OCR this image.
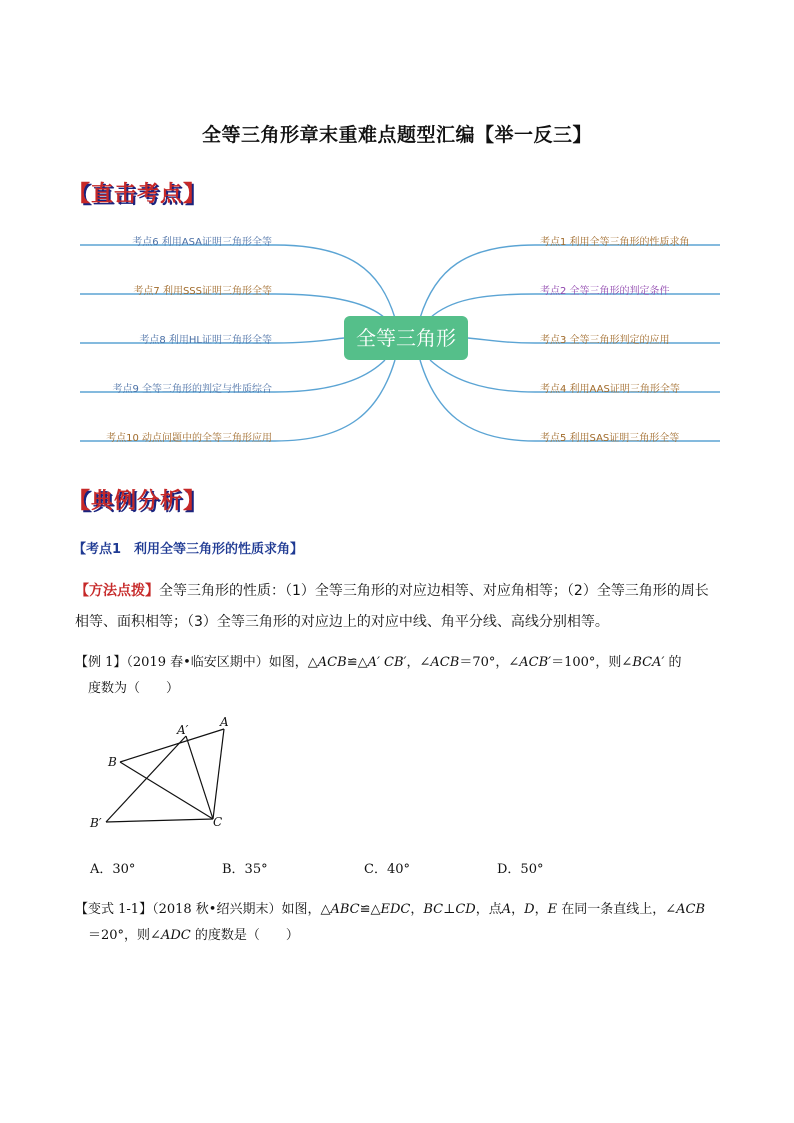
全等三角形章末重难点题型汇编【举一反三】
【直击考点】
考点6 利用ASA证明三角形全等
考点7 利用SSS证明三角形全等
考点8 利用HL证明三角形全等
考点9 全等三角形的判定与性质综合
考点10 动点问题中的全等三角形应用
考点1 利用全等三角形的性质求角
考点2 全等三角形的判定条件
考点3 全等三角形判定的应用
考点4 利用AAS证明三角形全等
考点5 利用SAS证明三角形全等
全等三角形
【典例分析】
【考点1　利用全等三角形的性质求角】
【方法点拨】全等三角形的性质：（1）全等三角形的对应边相等、对应角相等；（2）全等三角形的周长
相等、面积相等；（3）全等三角形的对应边上的对应中线、角平分线、高线分别相等。
【例 1】（2019 春•临安区期中）如图，△ACB≌△A′ CB′，∠ACB＝70°，∠ACB′＝100°，则∠BCA′ 的
度数为（　　）
B
A′
A
B′	C
A．30°	B．35°	C．40°	D．50°
【变式 1-1】（2018 秋•绍兴期末）如图，△ABC≌△EDC，BC⊥CD，点A，D，E 在同一条直线上，∠ACB
＝20°，则∠ADC 的度数是（　　）
